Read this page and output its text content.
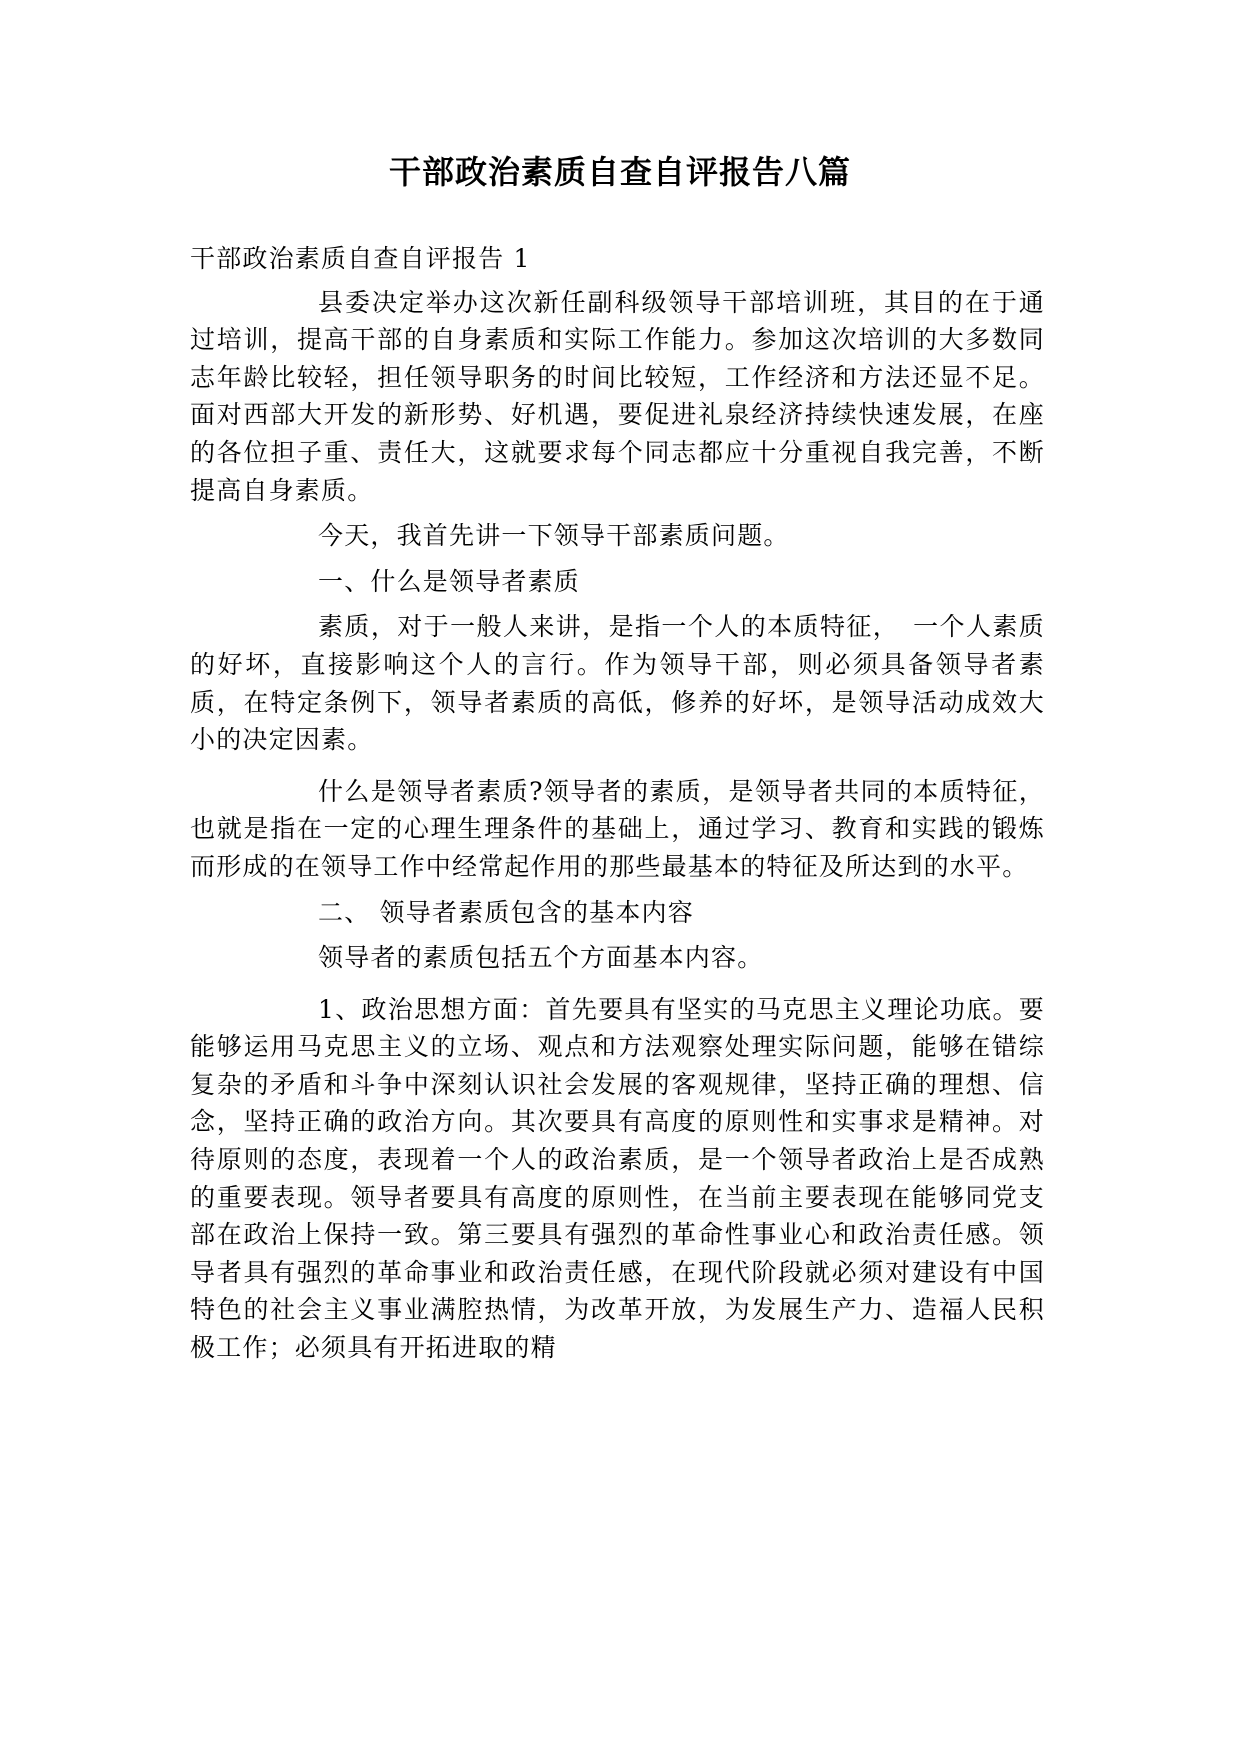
干部政治素质自查自评报告八篇

干部政治素质自查自评报告 1

县委决定举办这次新任副科级领导干部培训班，其目的在于通过培训，提高干部的自身素质和实际工作能力。参加这次培训的大多数同志年龄比较轻，担任领导职务的时间比较短，工作经济和方法还显不足。面对西部大开发的新形势、好机遇，要促进礼泉经济持续快速发展，在座的各位担子重、责任大，这就要求每个同志都应十分重视自我完善，不断提高自身素质。

今天，我首先讲一下领导干部素质问题。

一、什么是领导者素质

素质，对于一般人来讲，是指一个人的本质特征，　一个人素质的好坏，直接影响这个人的言行。作为领导干部，则必须具备领导者素质，在特定条例下，领导者素质的高低，修养的好坏，是领导活动成效大小的决定因素。

什么是领导者素质?领导者的素质，是领导者共同的本质特征，也就是指在一定的心理生理条件的基础上，通过学习、教育和实践的锻炼而形成的在领导工作中经常起作用的那些最基本的特征及所达到的水平。

二、 领导者素质包含的基本内容

领导者的素质包括五个方面基本内容。

1、政治思想方面：首先要具有坚实的马克思主义理论功底。要能够运用马克思主义的立场、观点和方法观察处理实际问题，能够在错综复杂的矛盾和斗争中深刻认识社会发展的客观规律，坚持正确的理想、信念，坚持正确的政治方向。其次要具有高度的原则性和实事求是精神。对待原则的态度，表现着一个人的政治素质，是一个领导者政治上是否成熟的重要表现。领导者要具有高度的原则性，在当前主要表现在能够同党支部在政治上保持一致。第三要具有强烈的革命性事业心和政治责任感。领导者具有强烈的革命事业和政治责任感，在现代阶段就必须对建设有中国特色的社会主义事业满腔热情，为改革开放，为发展生产力、造福人民积极工作；必须具有开拓进取的精
